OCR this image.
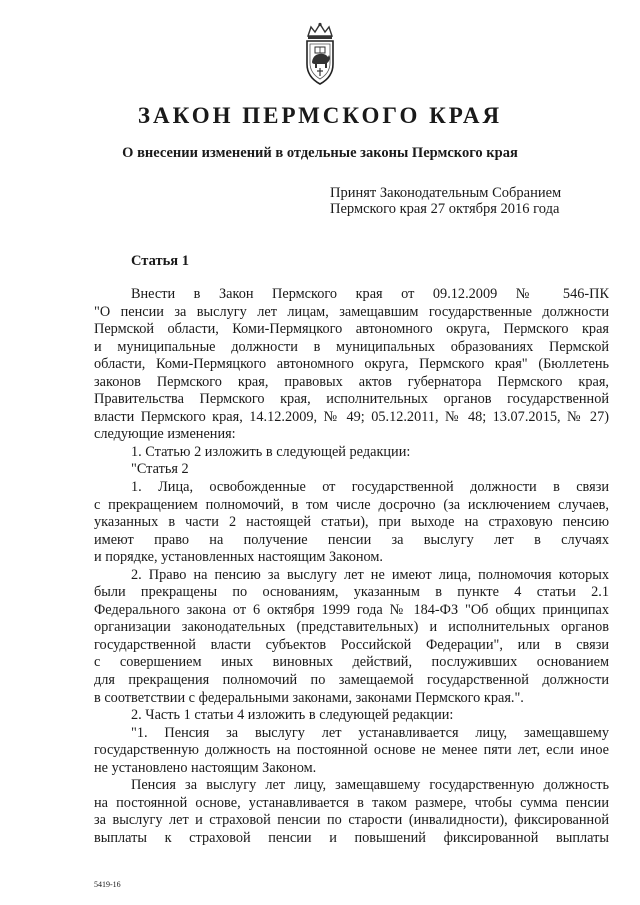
ЗАКОН ПЕРМСКОГО КРАЯ

О внесении изменений в отдельные законы Пермского края

Принят Законодательным Собранием
Пермского края 27 октября 2016 года
Статья 1
Внести в Закон Пермского края от 09.12.2009 № 546-ПК
"О пенсии за выслугу лет лицам, замещавшим государственные должности
Пермской области, Коми-Пермяцкого автономного округа, Пермского края
и муниципальные должности в муниципальных образованиях Пермской
области, Коми-Пермяцкого автономного округа, Пермского края" (Бюллетень
законов Пермского края, правовых актов губернатора Пермского края,
Правительства Пермского края, исполнительных органов государственной
власти Пермского края, 14.12.2009, № 49; 05.12.2011, № 48; 13.07.2015, № 27)
следующие изменения:
1. Статью 2 изложить в следующей редакции:
"Статья 2
1. Лица, освобожденные от государственной должности в связи
с прекращением полномочий, в том числе досрочно (за исключением случаев,
указанных в части 2 настоящей статьи), при выходе на страховую пенсию
имеют право на получение пенсии за выслугу лет в случаях
и порядке, установленных настоящим Законом.
2. Право на пенсию за выслугу лет не имеют лица, полномочия которых
были прекращены по основаниям, указанным в пункте 4 статьи 2.1
Федерального закона от 6 октября 1999 года № 184-ФЗ "Об общих принципах
организации законодательных (представительных) и исполнительных органов
государственной власти субъектов Российской Федерации", или в связи
с совершением иных виновных действий, послуживших основанием
для прекращения полномочий по замещаемой государственной должности
в соответствии с федеральными законами, законами Пермского края.".
2. Часть 1 статьи 4 изложить в следующей редакции:
"1. Пенсия за выслугу лет устанавливается лицу, замещавшему
государственную должность на постоянной основе не менее пяти лет, если иное
не установлено настоящим Законом.
Пенсия за выслугу лет лицу, замещавшему государственную должность
на постоянной основе, устанавливается в таком размере, чтобы сумма пенсии
за выслугу лет и страховой пенсии по старости (инвалидности), фиксированной
выплаты к страховой пенсии и повышений фиксированной выплаты
5419-16
